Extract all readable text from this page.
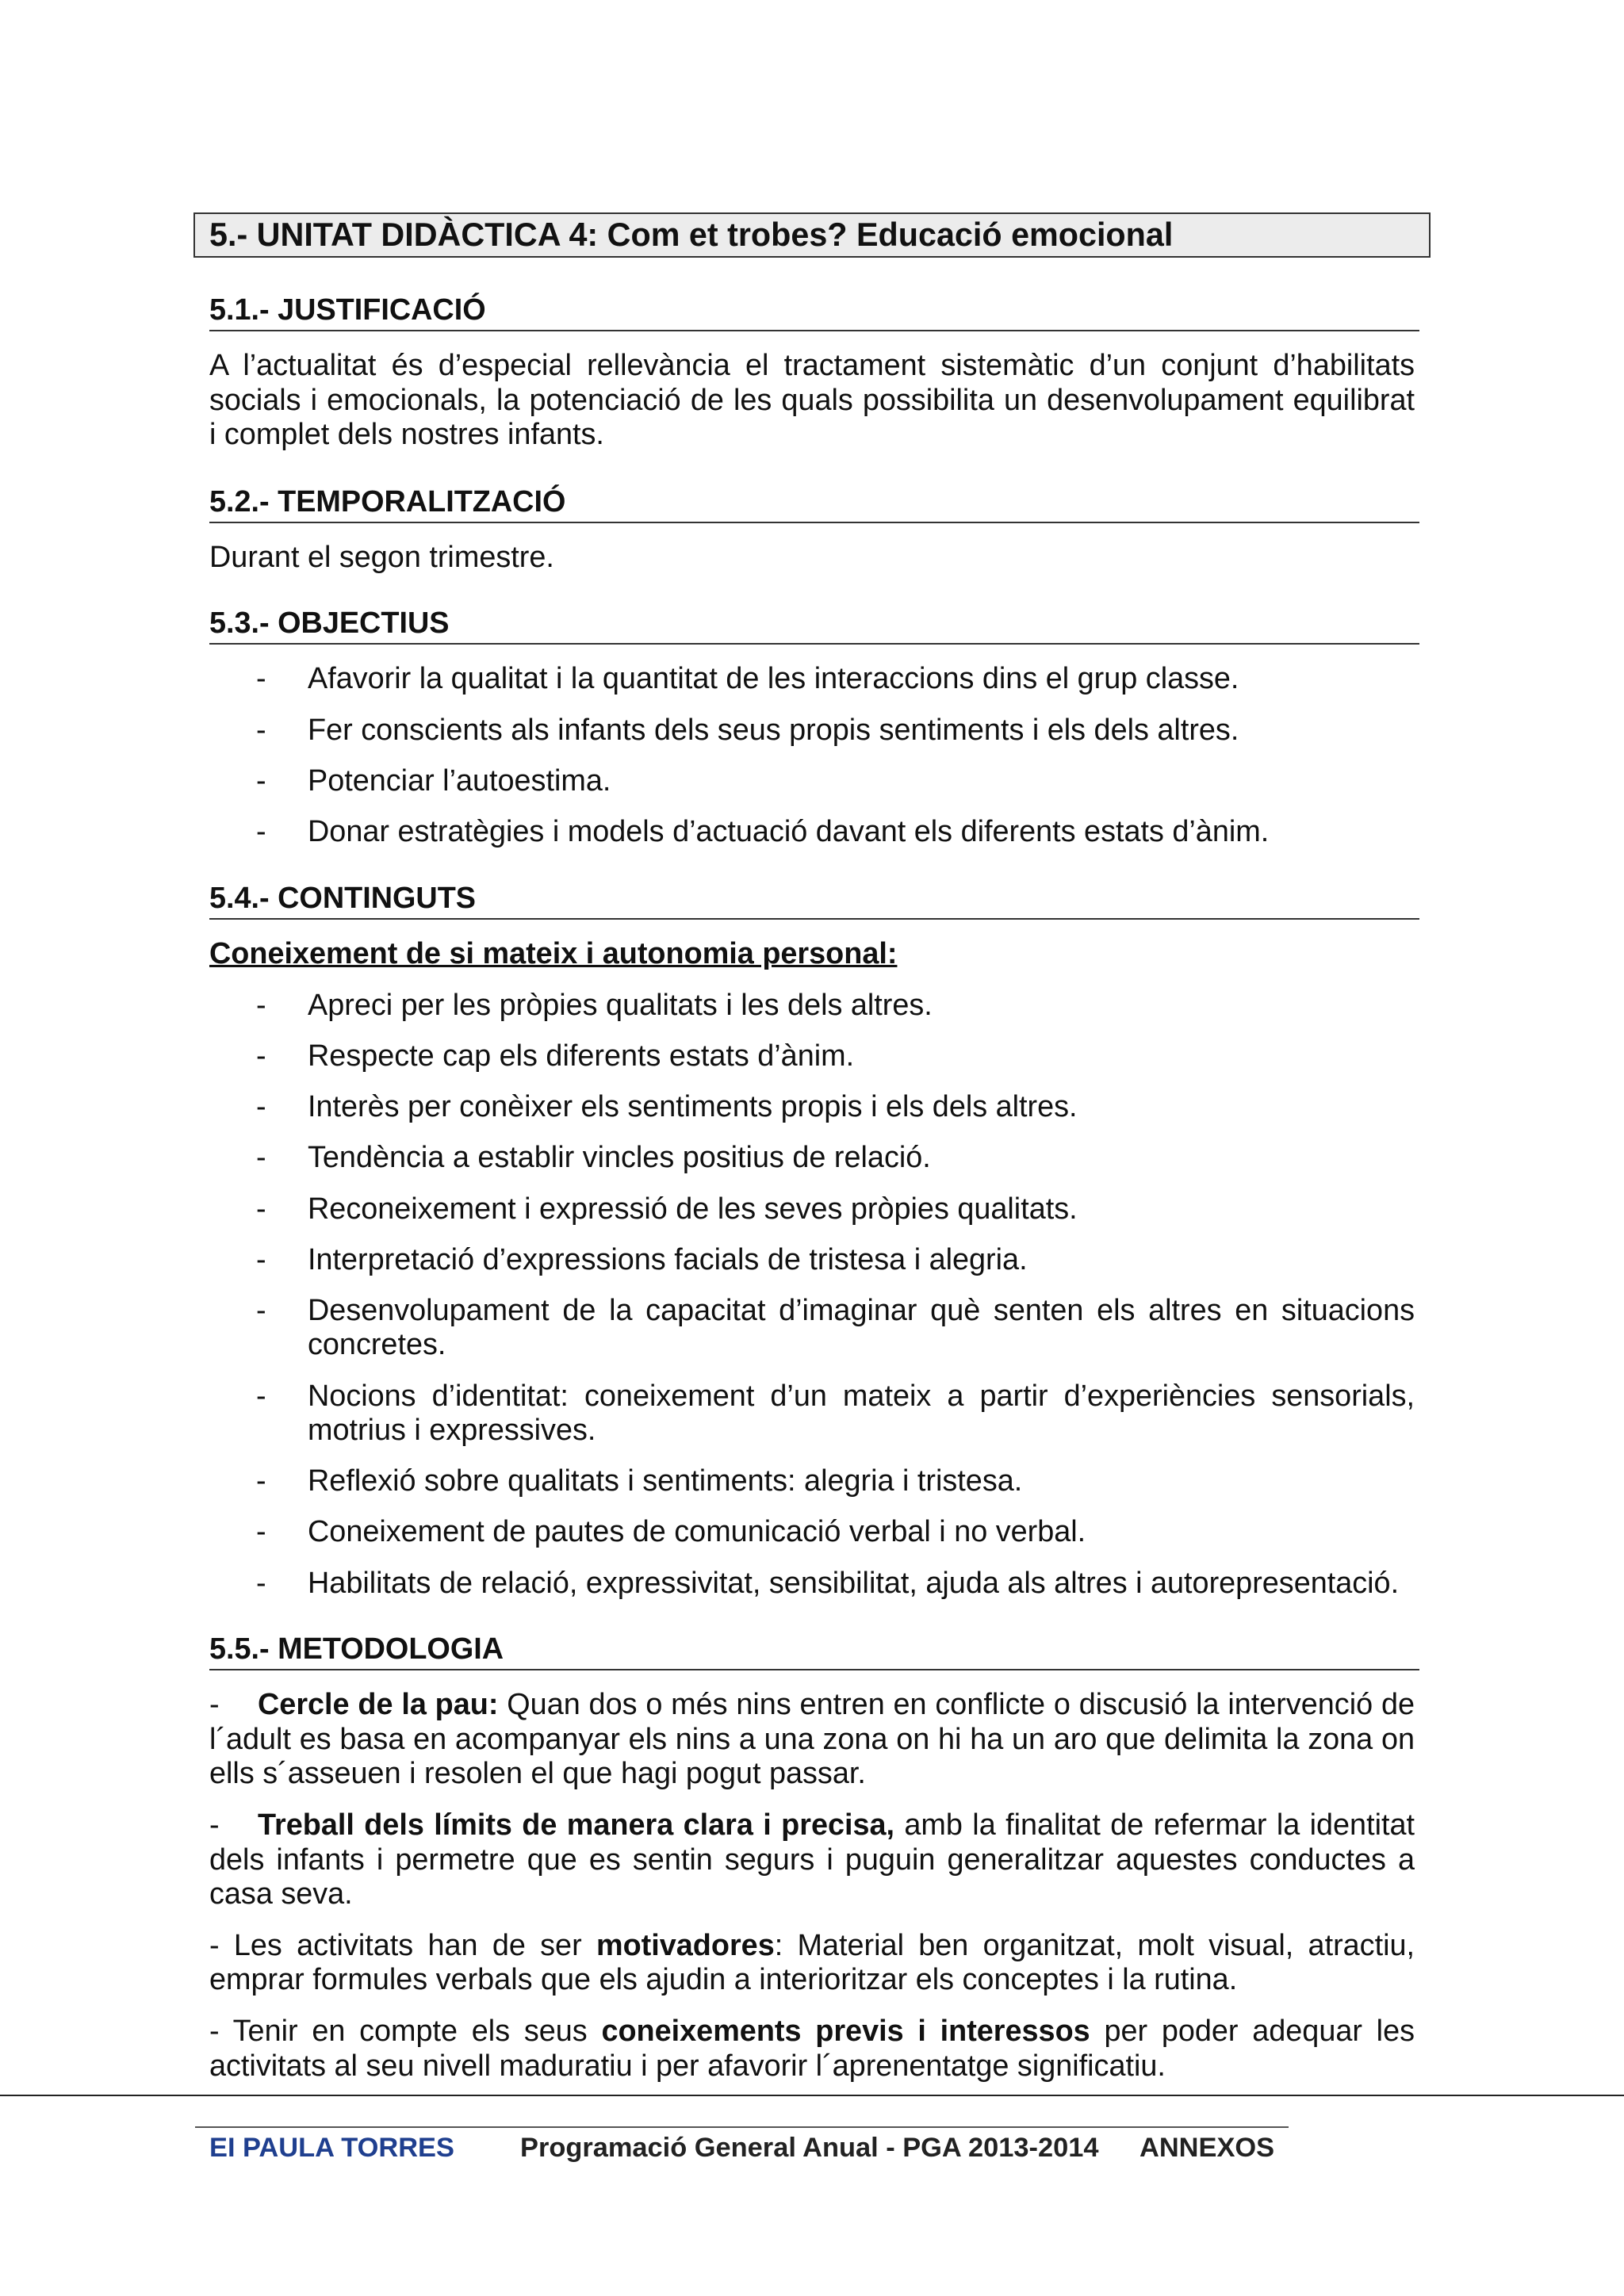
5.- UNITAT DIDÀCTICA 4: Com et trobes? Educació emocional
5.1.- JUSTIFICACIÓ
A l’actualitat és d’especial rellevància el tractament sistemàtic d’un conjunt d’habilitats socials i emocionals, la potenciació de les quals possibilita un desenvolupament equilibrat i complet dels nostres infants.
5.2.- TEMPORALITZACIÓ
Durant el segon trimestre.
5.3.- OBJECTIUS
- Afavorir la qualitat i la quantitat de les interaccions dins el grup classe.
- Fer conscients als infants dels seus propis sentiments i els dels altres.
- Potenciar l’autoestima.
- Donar estratègies i models d’actuació davant els diferents estats d’ànim.
5.4.- CONTINGUTS
Coneixement de si mateix i autonomia personal:
- Apreci per les pròpies qualitats i les dels altres.
- Respecte cap els diferents estats d’ànim.
- Interès per conèixer els sentiments propis i els dels altres.
- Tendència a establir vincles positius de relació.
- Reconeixement i expressió de les seves pròpies qualitats.
- Interpretació d’expressions facials de tristesa i alegria.
- Desenvolupament de la capacitat d’imaginar què senten els altres en situacions concretes.
- Nocions d’identitat: coneixement d’un mateix a partir d’experiències sensorials, motrius i expressives.
- Reflexió sobre qualitats i sentiments: alegria i tristesa.
- Coneixement de pautes de comunicació verbal i no verbal.
- Habilitats de relació, expressivitat, sensibilitat, ajuda als altres i autorepresentació.
5.5.- METODOLOGIA
- Cercle de la pau: Quan dos o més nins entren en conflicte o discusió la intervenció de l´adult es basa en acompanyar els nins a una zona on hi ha un aro que delimita la zona on ells s´asseuen i resolen el que hagi pogut passar.
- Treball dels límits de manera clara i precisa, amb la finalitat de refermar la identitat dels infants i permetre que es sentin segurs i puguin generalitzar aquestes conductes a casa seva.
- Les activitats han de ser motivadores: Material ben organitzat, molt visual, atractiu, emprar formules verbals que els ajudin a interioritzar els conceptes i la rutina.
- Tenir en compte els seus coneixements previs i interessos per poder adequar les activitats al seu nivell maduratiu i per afavorir l´aprenentatge significatiu.
EI PAULA TORRES Programació General Anual - PGA 2013-2014 ANNEXOS
